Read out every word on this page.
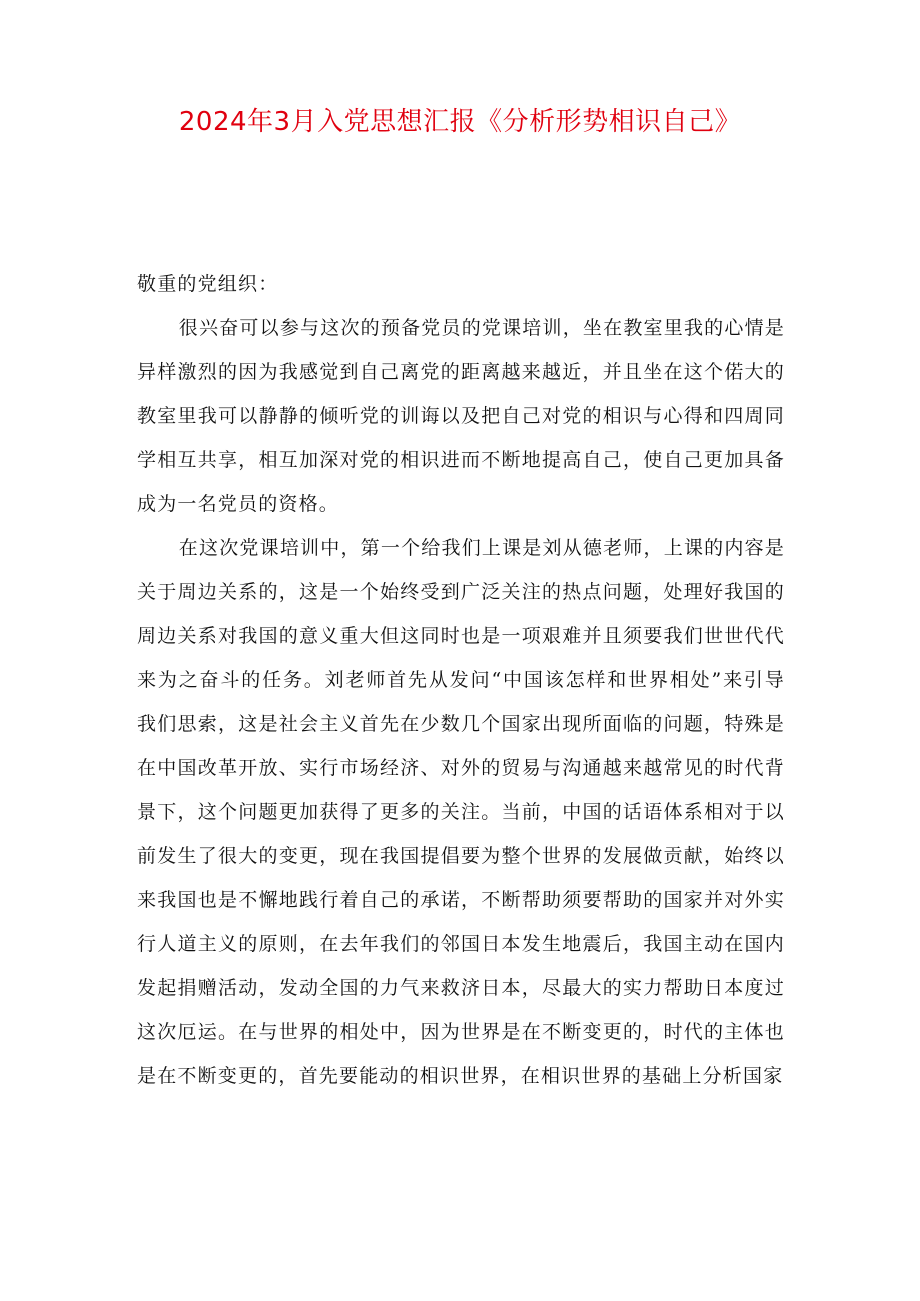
2024年3月入党思想汇报《分析形势相识自己》

敬重的党组织：

很兴奋可以参与这次的预备党员的党课培训，坐在教室里我的心情是异样激烈的因为我感觉到自己离党的距离越来越近，并且坐在这个偌大的教室里我可以静静的倾听党的训诲以及把自己对党的相识与心得和四周同学相互共享，相互加深对党的相识进而不断地提高自己，使自己更加具备成为一名党员的资格。

在这次党课培训中，第一个给我们上课是刘从德老师，上课的内容是关于周边关系的，这是一个始终受到广泛关注的热点问题，处理好我国的周边关系对我国的意义重大但这同时也是一项艰难并且须要我们世世代代来为之奋斗的任务。刘老师首先从发问“中国该怎样和世界相处”来引导我们思索，这是社会主义首先在少数几个国家出现所面临的问题，特殊是在中国改革开放、实行市场经济、对外的贸易与沟通越来越常见的时代背景下，这个问题更加获得了更多的关注。当前，中国的话语体系相对于以前发生了很大的变更，现在我国提倡要为整个世界的发展做贡献，始终以来我国也是不懈地践行着自己的承诺，不断帮助须要帮助的国家并对外实行人道主义的原则，在去年我们的邻国日本发生地震后，我国主动在国内发起捐赠活动，发动全国的力气来救济日本，尽最大的实力帮助日本度过这次厄运。在与世界的相处中，因为世界是在不断变更的，时代的主体也是在不断变更的，首先要能动的相识世界，在相识世界的基础上分析国家
